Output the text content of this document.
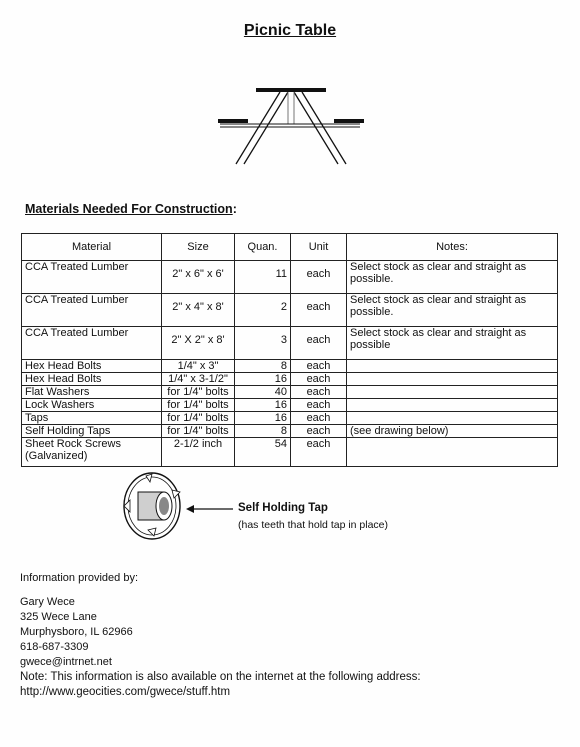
Picnic Table
Materials Needed For Construction:
Material	Size	Quan.	Unit	Notes:
CCA Treated Lumber	2" x 6" x 6'	11	each	Select stock as clear and straight as possible.
CCA Treated Lumber	2" x 4" x 8'	2	each	Select stock as clear and straight as possible.
CCA Treated Lumber	2" X 2" x 8'	3	each	Select stock as clear and straight as possible
Hex Head Bolts	1/4" x 3"	8	each	
Hex Head Bolts	1/4" x 3-1/2"	16	each	
Flat Washers	for 1/4" bolts	40	each	
Lock Washers	for 1/4" bolts	16	each	
Taps	for 1/4" bolts	16	each	
Self Holding Taps	for 1/4" bolts	8	each	(see drawing below)
Sheet Rock Screws (Galvanized)	2-1/2 inch	54	each	
Self Holding Tap
(has teeth that hold tap in place)
Information provided by:
Gary Wece
325 Wece Lane
Murphysboro, IL 62966
618-687-3309
gwece@intrnet.net
Note: This information is also available on the internet at the following address:
http://www.geocities.com/gwece/stuff.htm
